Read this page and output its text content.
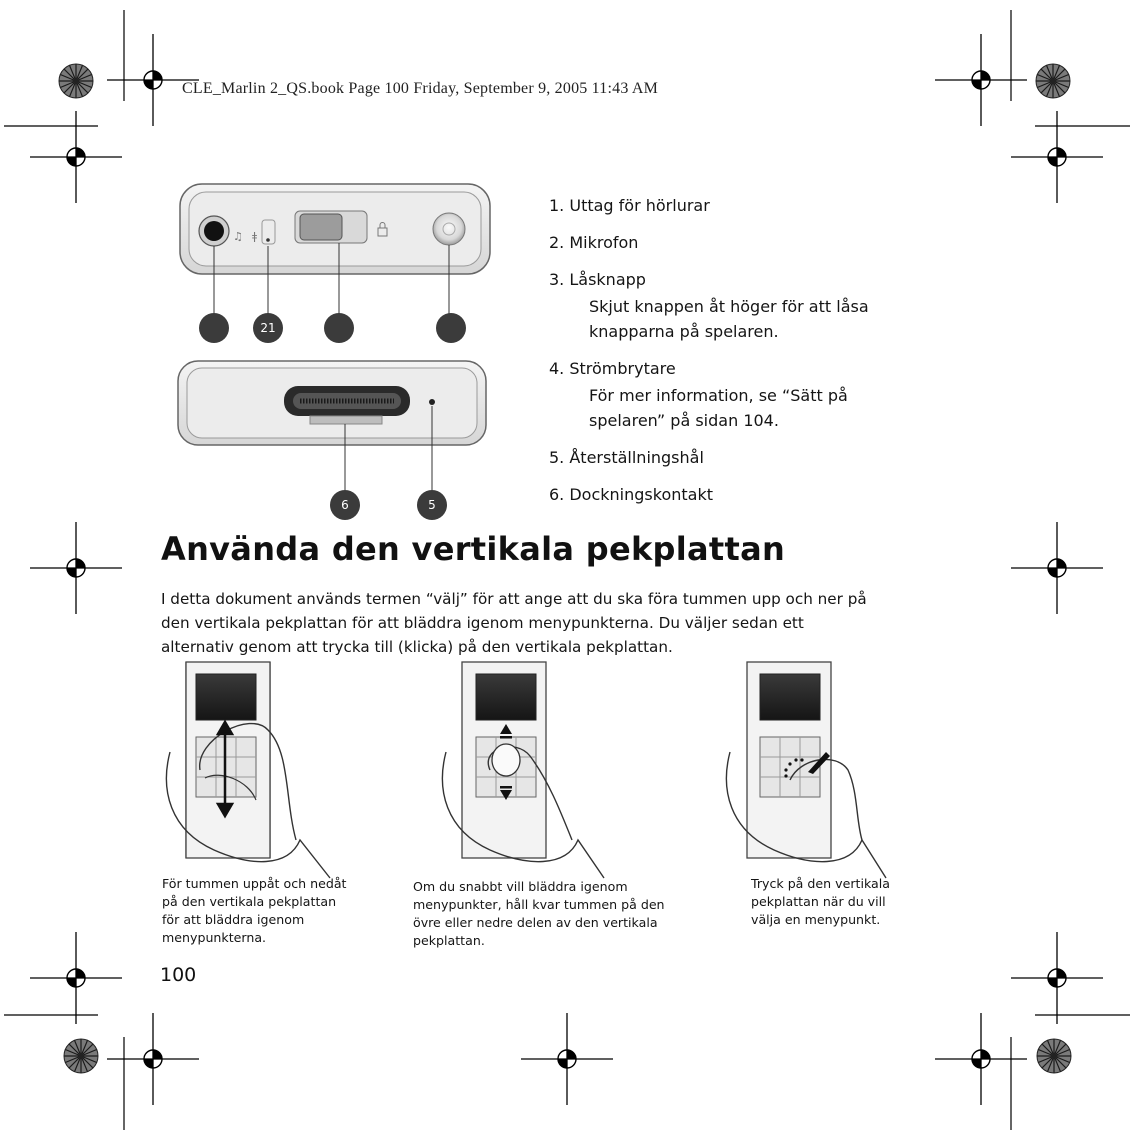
♫ ǂ
21
6	5
CLE_Marlin 2_QS.book Page 100 Friday, September 9, 2005 11:43 AM
1. Uttag för hörlurar
2. Mikrofon
3. Låsknapp
Skjut knappen åt höger för att låsa
knapparna på spelaren.
4. Strömbrytare
För mer information, se “Sätt på
spelaren” på sidan 104.
5. Återställningshål
6. Dockningskontakt
Använda den vertikala pekplattan
I detta dokument används termen “välj” för att ange att du ska föra tummen upp och ner på
den vertikala pekplattan för att bläddra igenom menypunkterna. Du väljer sedan ett
alternativ genom att trycka till (klicka) på den vertikala pekplattan.
För tummen uppåt och nedåt
på den vertikala pekplattan
för att bläddra igenom
menypunkterna.
Om du snabbt vill bläddra igenom
menypunkter, håll kvar tummen på den
övre eller nedre delen av den vertikala
pekplattan.
Tryck på den vertikala
pekplattan när du vill
välja en menypunkt.
100
